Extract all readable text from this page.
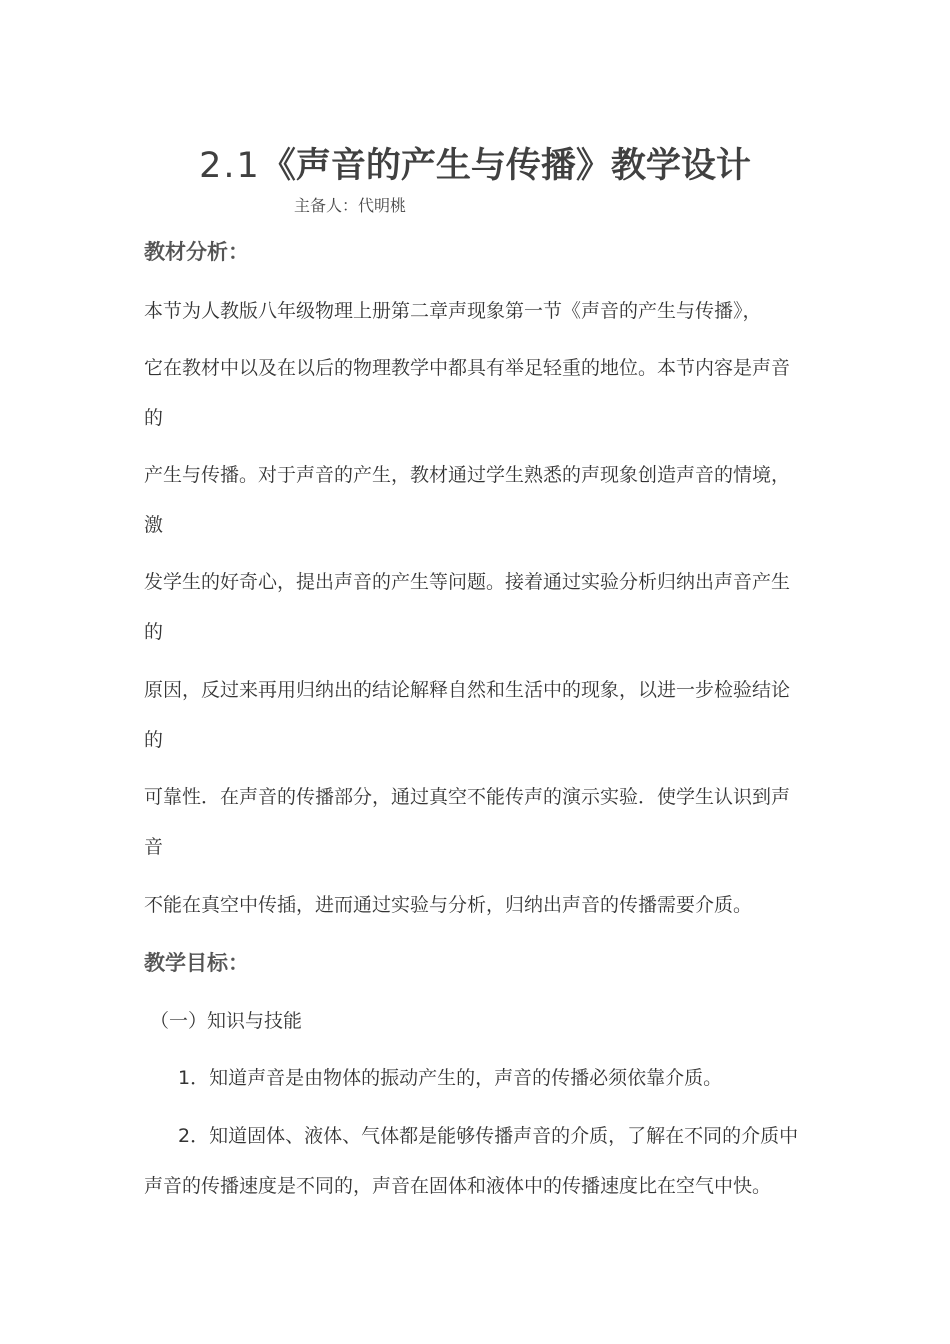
2.1《声音的产生与传播》教学设计
主备人：代明桃
教材分析：
本节为人教版八年级物理上册第二章声现象第一节《声音的产生与传播》，
它在教材中以及在以后的物理教学中都具有举足轻重的地位。本节内容是声音
的
产生与传播。对于声音的产生，教材通过学生熟悉的声现象创造声音的情境，
激
发学生的好奇心，提出声音的产生等问题。接着通过实验分析归纳出声音产生
的
原因，反过来再用归纳出的结论解释自然和生活中的现象，以进一步检验结论
的
可靠性．在声音的传播部分，通过真空不能传声的演示实验．使学生认识到声
音
不能在真空中传插，进而通过实验与分析，归纳出声音的传播需要介质。
教学目标：
（一）知识与技能
1．知道声音是由物体的振动产生的，声音的传播必须依靠介质。
2．知道固体、液体、气体都是能够传播声音的介质，了解在不同的介质中
声音的传播速度是不同的，声音在固体和液体中的传播速度比在空气中快。
